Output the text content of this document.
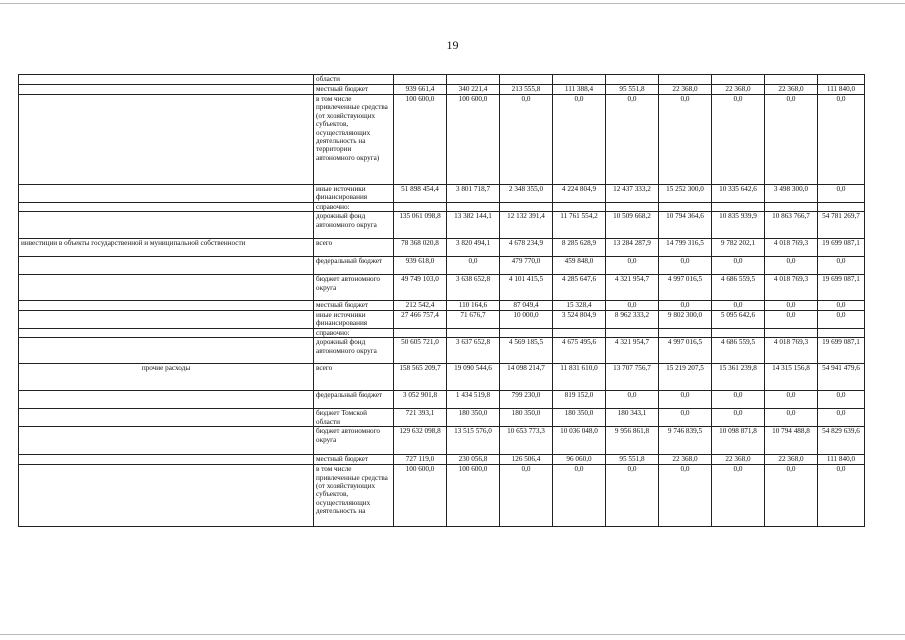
19
	области									
	местный бюджет	939 661,4	340 221,4	213 555,8	111 388,4	95 551,8	22 368,0	22 368,0	22 368,0	111 840,0
	в том числе привлеченные средства (от хозяйствующих субъектов, осуществляющих деятельность на территории автономного округа)	100 600,0	100 600,0	0,0	0,0	0,0	0,0	0,0	0,0	0,0
	иные источники финансирования	51 898 454,4	3 801 718,7	2 348 355,0	4 224 804,9	12 437 333,2	15 252 300,0	10 335 642,6	3 498 300,0	0,0
	справочно:									
	дорожный фонд автономного округа	135 061 098,8	13 382 144,1	12 132 391,4	11 761 554,2	10 509 668,2	10 794 364,6	10 835 939,9	10 863 766,7	54 781 269,7
инвестиции в объекты государственной и муниципальной собственности	всего	78 368 020,8	3 820 494,1	4 678 234,9	8 285 628,9	13 284 287,9	14 799 316,5	9 782 202,1	4 018 769,3	19 699 087,1
	федеральный бюджет	939 618,0	0,0	479 770,0	459 848,0	0,0	0,0	0,0	0,0	0,0
	бюджет автономного округа	49 749 103,0	3 638 652,8	4 101 415,5	4 285 647,6	4 321 954,7	4 997 016,5	4 686 559,5	4 018 769,3	19 699 087,1
	местный бюджет	212 542,4	110 164,6	87 049,4	15 328,4	0,0	0,0	0,0	0,0	0,0
	иные источники финансирования	27 466 757,4	71 676,7	10 000,0	3 524 804,9	8 962 333,2	9 802 300,0	5 095 642,6	0,0	0,0
	справочно:									
	дорожный фонд автономного округа	50 605 721,0	3 637 652,8	4 569 185,5	4 675 495,6	4 321 954,7	4 997 016,5	4 686 559,5	4 018 769,3	19 699 087,1
прочие расходы	всего	158 565 209,7	19 090 544,6	14 098 214,7	11 831 610,0	13 707 756,7	15 219 207,5	15 361 239,8	14 315 156,8	54 941 479,6
	федеральный бюджет	3 052 901,8	1 434 519,8	799 230,0	819 152,0	0,0	0,0	0,0	0,0	0,0
	бюджет Томской области	721 393,1	180 350,0	180 350,0	180 350,0	180 343,1	0,0	0,0	0,0	0,0
	бюджет автономного округа	129 632 098,8	13 515 576,0	10 653 773,3	10 036 048,0	9 956 861,8	9 746 839,5	10 098 871,8	10 794 488,8	54 829 639,6
	местный бюджет	727 119,0	230 056,8	126 506,4	96 060,0	95 551,8	22 368,0	22 368,0	22 368,0	111 840,0
	в том числе привлеченные средства (от хозяйствующих субъектов, осуществляющих деятельность на	100 600,0	100 600,0	0,0	0,0	0,0	0,0	0,0	0,0	0,0
